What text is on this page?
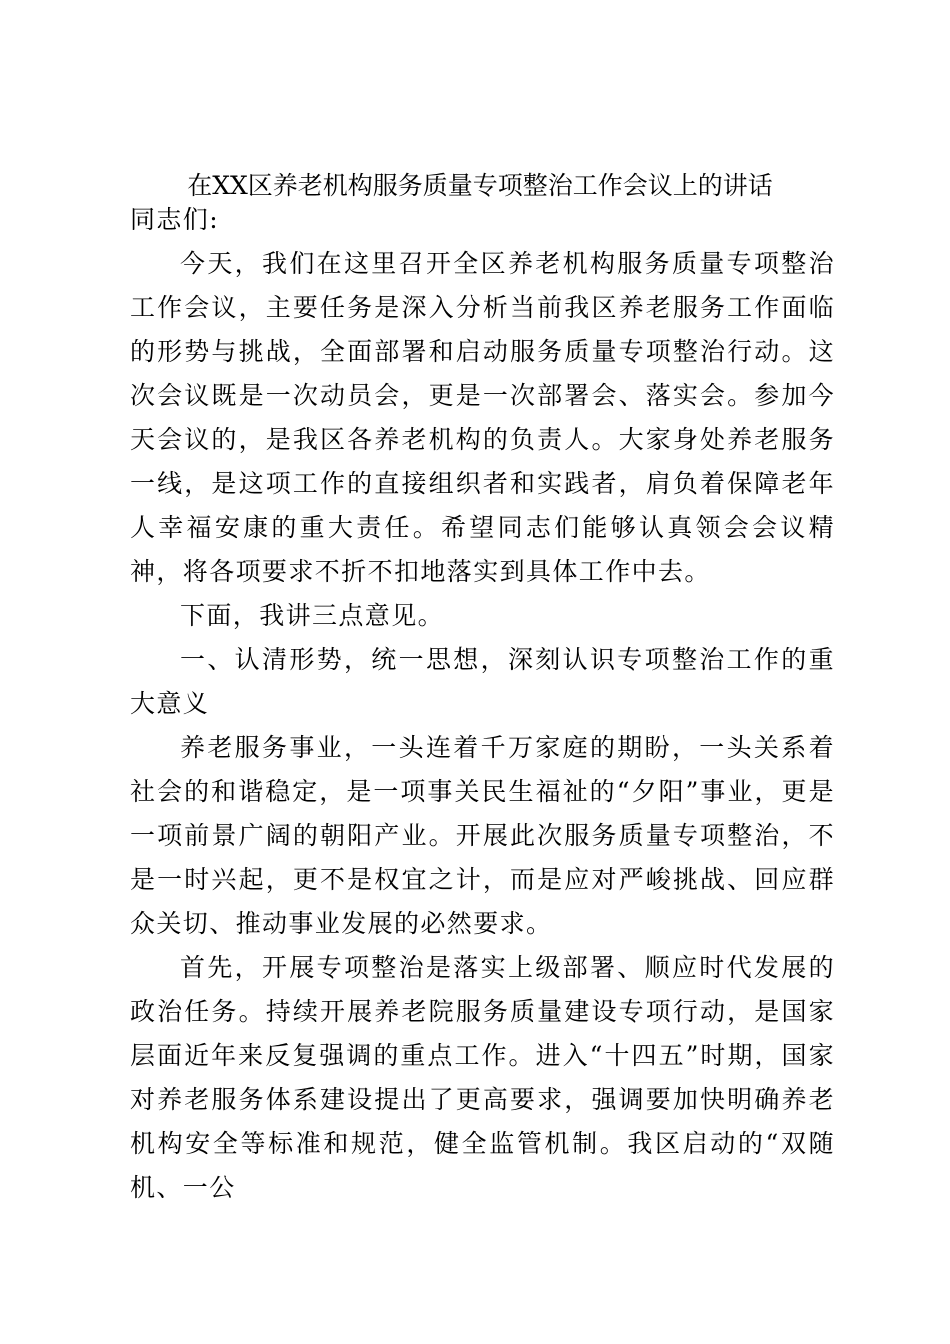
在XX区养老机构服务质量专项整治工作会议上的讲话

同志们:

今天，我们在这里召开全区养老机构服务质量专项整治工作会议，主要任务是深入分析当前我区养老服务工作面临的形势与挑战，全面部署和启动服务质量专项整治行动。这次会议既是一次动员会，更是一次部署会、落实会。参加今天会议的，是我区各养老机构的负责人。大家身处养老服务一线，是这项工作的直接组织者和实践者，肩负着保障老年人幸福安康的重大责任。希望同志们能够认真领会会议精神，将各项要求不折不扣地落实到具体工作中去。

下面，我讲三点意见。

一、认清形势，统一思想，深刻认识专项整治工作的重大意义

养老服务事业，一头连着千万家庭的期盼，一头关系着社会的和谐稳定，是一项事关民生福祉的“夕阳”事业，更是一项前景广阔的朝阳产业。开展此次服务质量专项整治，不是一时兴起，更不是权宜之计，而是应对严峻挑战、回应群众关切、推动事业发展的必然要求。

首先，开展专项整治是落实上级部署、顺应时代发展的政治任务。持续开展养老院服务质量建设专项行动，是国家层面近年来反复强调的重点工作。进入“十四五”时期，国家对养老服务体系建设提出了更高要求，强调要加快明确养老机构安全等标准和规范，健全监管机制。我区启动的“双随机、一公
